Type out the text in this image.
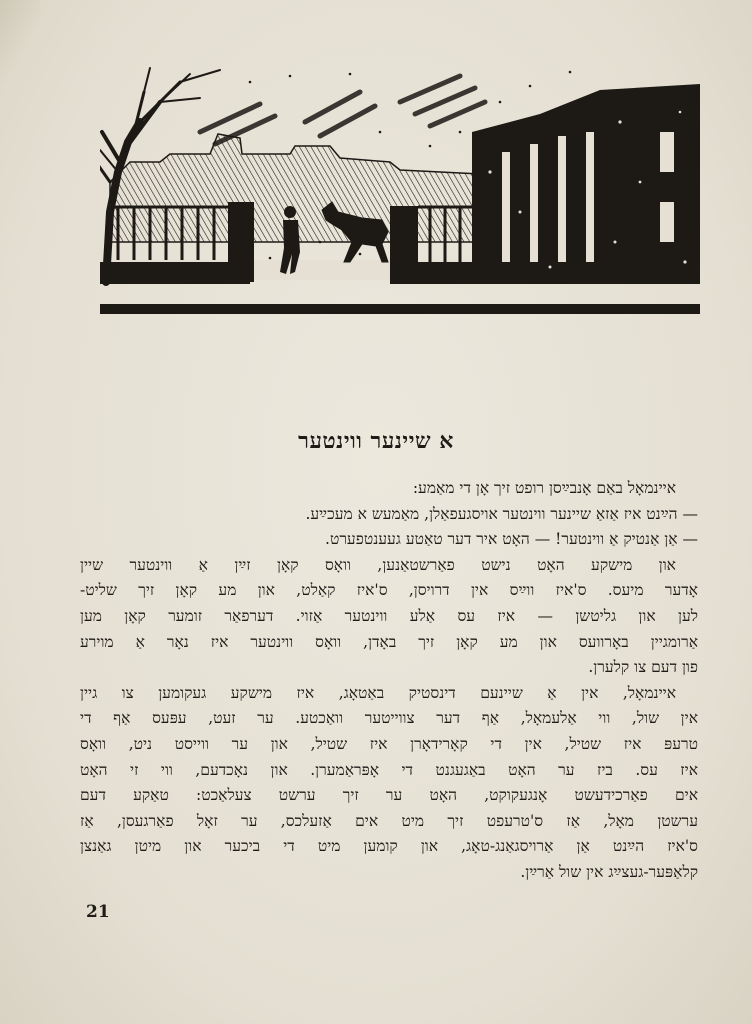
א שיינער ווינטער

איינמאָל באַם אָנבײַסן רופט זיך אָן די מאַמע:

— הײַנט איז אַזאַ שיינער ווינטער אויסגעפאַלן, מאַמעש א מעכײַע.

— אַן אַנטיק אַ ווינטער! — האָט איר דער טאַטע געענטפערט.

און מישקע האָט נישט פאַרשטאַנען, וואָס קאָן זײַן אַ ווינטער שיין
אָדער מיעס. ס'איז ווײַס אין דרויסן, ס'איז קאַלט, און מע קאָן זיך שליט-
לען און גליטשן — איז עס אַלע ווינטער אַזוי. דערפאַר זומער קאָן מען
אַרומגיין באָרוועס און מע קאָן זיך באָדן, וואָס ווינטער איז נאָר אַ מוירע
פון דעם צו קלערן.

איינמאָל, אין אַ שיינעם דינסטיק באַטאָג, איז מישקע געקומען צו גיין
אין שול, ווי אַלעמאָל, אַף דער צווייטער וואַכטע. ער זעט, עפּעס אַף די
טרעפּ איז שטיל, אין די קאָרידאָרן איז שטיל, און ער ווייסט ניט, וואָס
איז עס. ביז ער האָט באַגעגנט די אָפּראַמערן. און נאָכדעם, ווי זי האָט
אים פאַרכידעשט אָנגעקוקט, האָט ער זיך ערשט צעלאַכט: טאַקע דעם
ערשטן מאָל, אַז ס'טרעפט זיך מיט אים אַזעלכס, ער זאָל פאַרגעסן, אַז
ס'איז הײַנט אַן אַרויסגאַנג-טאָג, און קומען מיט די ביכער און מיטן גאַנצן
קלאַפּער-געצײַג אין שול אַרײַן.

21
